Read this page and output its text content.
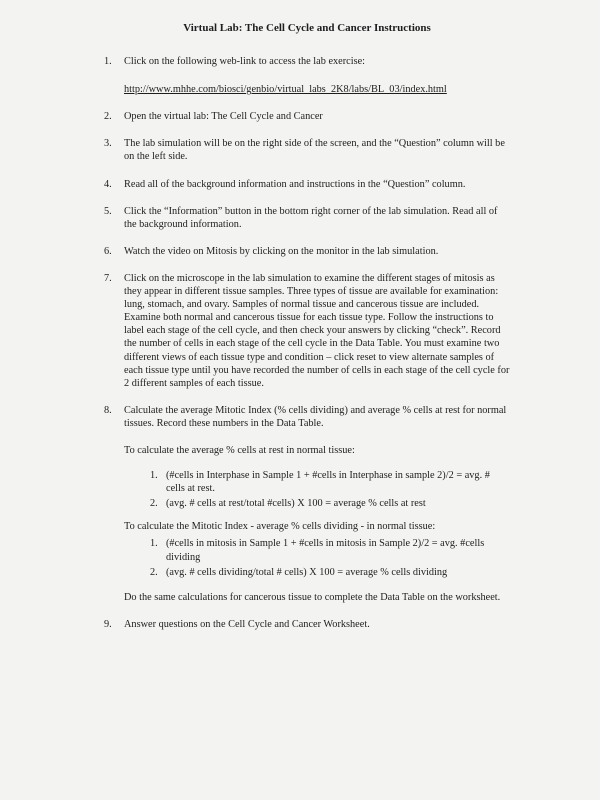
Virtual Lab: The Cell Cycle and Cancer Instructions
1. Click on the following web-link to access the lab exercise:

http://www.mhhe.com/biosci/genbio/virtual_labs_2K8/labs/BL_03/index.html
2. Open the virtual lab: The Cell Cycle and Cancer

3. The lab simulation will be on the right side of the screen, and the “Question” column will be on the left side.

4. Read all of the background information and instructions in the “Question” column.

5. Click the “Information” button in the bottom right corner of the lab simulation. Read all of the background information.

6. Watch the video on Mitosis by clicking on the monitor in the lab simulation.

7. Click on the microscope in the lab simulation to examine the different stages of mitosis as they appear in different tissue samples. Three types of tissue are available for examination: lung, stomach, and ovary. Samples of normal tissue and cancerous tissue are included. Examine both normal and cancerous tissue for each tissue type. Follow the instructions to label each stage of the cell cycle, and then check your answers by clicking “check”. Record the number of cells in each stage of the cell cycle in the Data Table. You must examine two different views of each tissue type and condition – click reset to view alternate samples of each tissue type until you have recorded the number of cells in each stage of the cell cycle for 2 different samples of each tissue.

8. Calculate the average Mitotic Index (% cells dividing) and average % cells at rest for normal tissues. Record these numbers in the Data Table.

To calculate the average % cells at rest in normal tissue:

1. (#cells in Interphase in Sample 1 + #cells in Interphase in sample 2)/2 = avg. # cells at rest.
2. (avg. # cells at rest/total #cells) X 100 = average % cells at rest

To calculate the Mitotic Index - average % cells dividing - in normal tissue:

1. (#cells in mitosis in Sample 1 + #cells in mitosis in Sample 2)/2 = avg. #cells dividing
2. (avg. # cells dividing/total # cells) X 100 = average % cells dividing

Do the same calculations for cancerous tissue to complete the Data Table on the worksheet.

9. Answer questions on the Cell Cycle and Cancer Worksheet.
